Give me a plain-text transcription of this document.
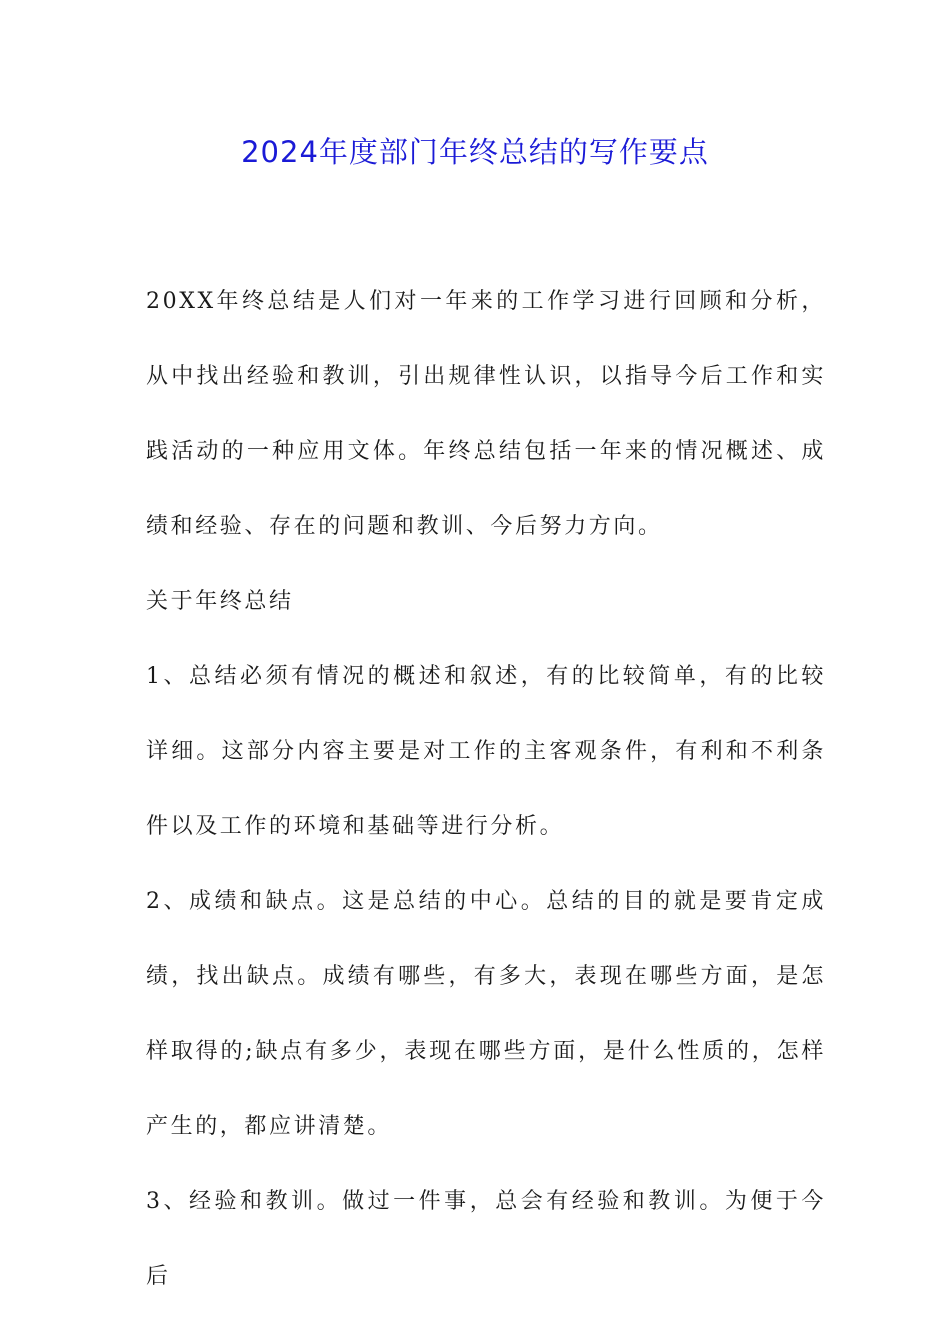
2024年度部门年终总结的写作要点

20XX年终总结是人们对一年来的工作学习进行回顾和分析，从中找出经验和教训，引出规律性认识，以指导今后工作和实践活动的一种应用文体。年终总结包括一年来的情况概述、成绩和经验、存在的问题和教训、今后努力方向。

关于年终总结

1、总结必须有情况的概述和叙述，有的比较简单，有的比较详细。这部分内容主要是对工作的主客观条件，有利和不利条件以及工作的环境和基础等进行分析。

2、成绩和缺点。这是总结的中心。总结的目的就是要肯定成绩，找出缺点。成绩有哪些，有多大，表现在哪些方面，是怎样取得的;缺点有多少，表现在哪些方面，是什么性质的，怎样产生的，都应讲清楚。

3、经验和教训。做过一件事，总会有经验和教训。为便于今后
